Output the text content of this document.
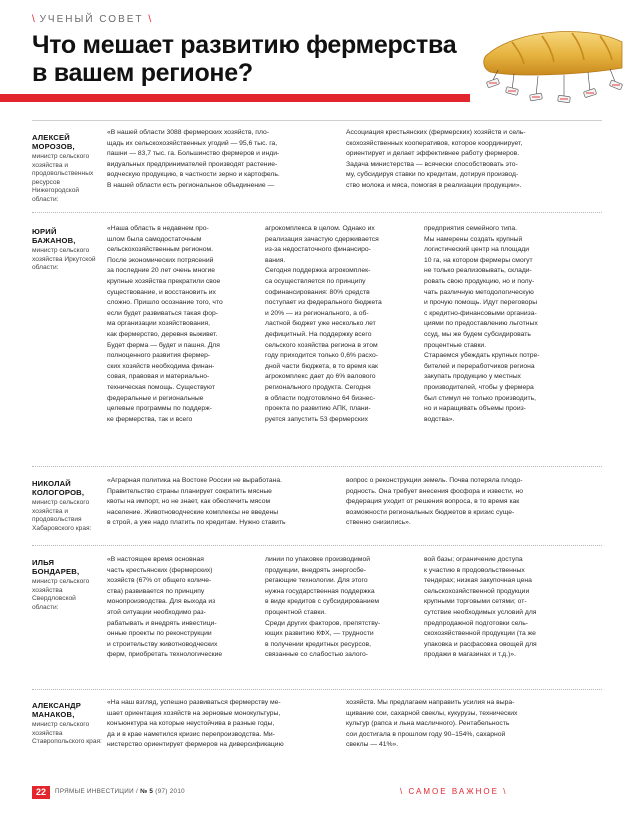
\ УЧЕНЫЙ СОВЕТ \
Что мешает развитию фермерства
в вашем регионе?
АЛЕКСЕЙ
МОРОЗОВ,
министр сельского хозяйства и продовольственных ресурсов Нижегородской области:
«В нашей области 3088 фермерских хозяйств, пло-
щадь их сельскохозяйственных угодий — 95,6 тыс. га,
пашни — 83,7 тыс. га. Большинство фермеров и инди-
видуальных предпринимателей производят растение-
водческую продукцию, в частности зерно и картофель.
В нашей области есть региональное объединение —
Ассоциация крестьянских (фермерских) хозяйств и сель-
скохозяйственных кооперативов, которое координирует,
ориентирует и делает эффективнее работу фермеров.
Задача министерства — всячески способствовать это-
му, субсидируя ставки по кредитам, дотируя производ-
ство молока и мяса, помогая в реализации продукции».
ЮРИЙ
БАЖАНОВ,
министр сельского хозяйства Иркутской области:
«Наша область в недавнем про-
шлом была самодостаточным
сельскохозяйственным регионом.
После экономических потрясений
за последние 20 лет очень многие
крупные хозяйства прекратили свое
существование, и восстановить их
сложно. Пришло осознание того, что
если будет развиваться такая фор-
ма организации хозяйствования,
как фермерство, деревня выживет.
Будет ферма — будет и пашня. Для
полноценного развития фермер-
ских хозяйств необходима финан-
совая, правовая и материально-
техническая помощь. Существуют
федеральные и региональные
целевые программы по поддерж-
ке фермерства, так и всего
агрокомплекса в целом. Однако их
реализация зачастую сдерживается
из-за недостаточного финансиро-
вания.
Сегодня поддержка агрокомплек-
са осуществляется по принципу
софинансирования: 80% средств
поступает из федерального бюджета
и 20% — из регионального, а об-
ластной бюджет уже несколько лет
дефицитный. На поддержку всего
сельского хозяйства региона в этом
году приходится только 0,6% расхо-
дной части бюджета, в то время как
агрокомплекс дает до 6% валового
регионального продукта. Сегодня
в области подготовлено 64 бизнес-
проекта по развитию АПК, плани-
руется запустить 53 фермерских
предприятия семейного типа.
Мы намерены создать крупный
логистический центр на площади
10 га, на котором фермеры смогут
не только реализовывать, склади-
ровать свою продукцию, но и полу-
чать различную методологическую
и прочую помощь. Идут переговоры
с кредитно-финансовыми организа-
циями по предоставлению льготных
ссуд, мы же будем субсидировать
процентные ставки.
Стараемся убеждать крупных потре-
бителей и переработчиков региона
закупать продукцию у местных
производителей, чтобы у фермера
был стимул не только производить,
но и наращивать объемы произ-
водства».
НИКОЛАЙ
КОЛОГОРОВ,
министр сельского хозяйства и продовольствия Хабаровского края:
«Аграрная политика на Востоке России не выработана.
Правительство страны планирует сократить мясные
квоты на импорт, но не знает, как обеспечить мясом
население. Животноводческие комплексы не введены
в строй, а уже надо платить по кредитам. Нужно ставить
вопрос о реконструкции земель. Почва потеряла плодо-
родность. Она требует внесения фосфора и извести, но
федерация уходит от решения вопроса, в то время как
возможности региональных бюджетов в кризис суще-
ственно снизились».
ИЛЬЯ
БОНДАРЕВ,
министр сельского хозяйства Свердловской области:
«В настоящее время основная
часть крестьянских (фермерских)
хозяйств (67% от общего количе-
ства) развивается по принципу
монопроизводства. Для выхода из
этой ситуации необходимо раз-
рабатывать и внедрять инвестици-
онные проекты по реконструкции
и строительству животноводческих
ферм, приобретать технологические
линии по упаковке производимой
продукции, внедрять энергосбе-
регающие технологии. Для этого
нужна государственная поддержка
в виде кредитов с субсидированием
процентной ставки.
Среди других факторов, препятству-
ющих развитию КФХ, — трудности
в получении кредитных ресурсов,
связанные со слабостью залого-
вой базы; ограничение доступа
к участию в продовольственных
тендерах; низкая закупочная цена
сельскохозяйственной продукции
крупными торговыми сетями; от-
сутствие необходимых условий для
предпродажной подготовки сель-
скохозяйственной продукции (та же
упаковка и расфасовка овощей для
продажи в магазинах и т.д.)».
АЛЕКСАНДР
МАНАКОВ,
министр сельского хозяйства Ставропольского края:
«На наш взгляд, успешно развиваться фермерству ме-
шает ориентация хозяйств на зерновые монокультуры,
конъюнктура на которые неустойчива в разные годы,
да и в крае наметился кризис перепроизводства. Ми-
нистерство ориентирует фермеров на диверсификацию
хозяйств. Мы предлагаем направить усилия на выра-
щивание сои, сахарной свеклы, кукурузы, технических
культур (рапса и льна масличного). Рентабельность
сои достигала в прошлом году 90–154%, сахарной
свеклы — 41%».
22	ПРЯМЫЕ ИНВЕСТИЦИИ / № 5 (97) 2010	\ САМОЕ ВАЖНОЕ \
